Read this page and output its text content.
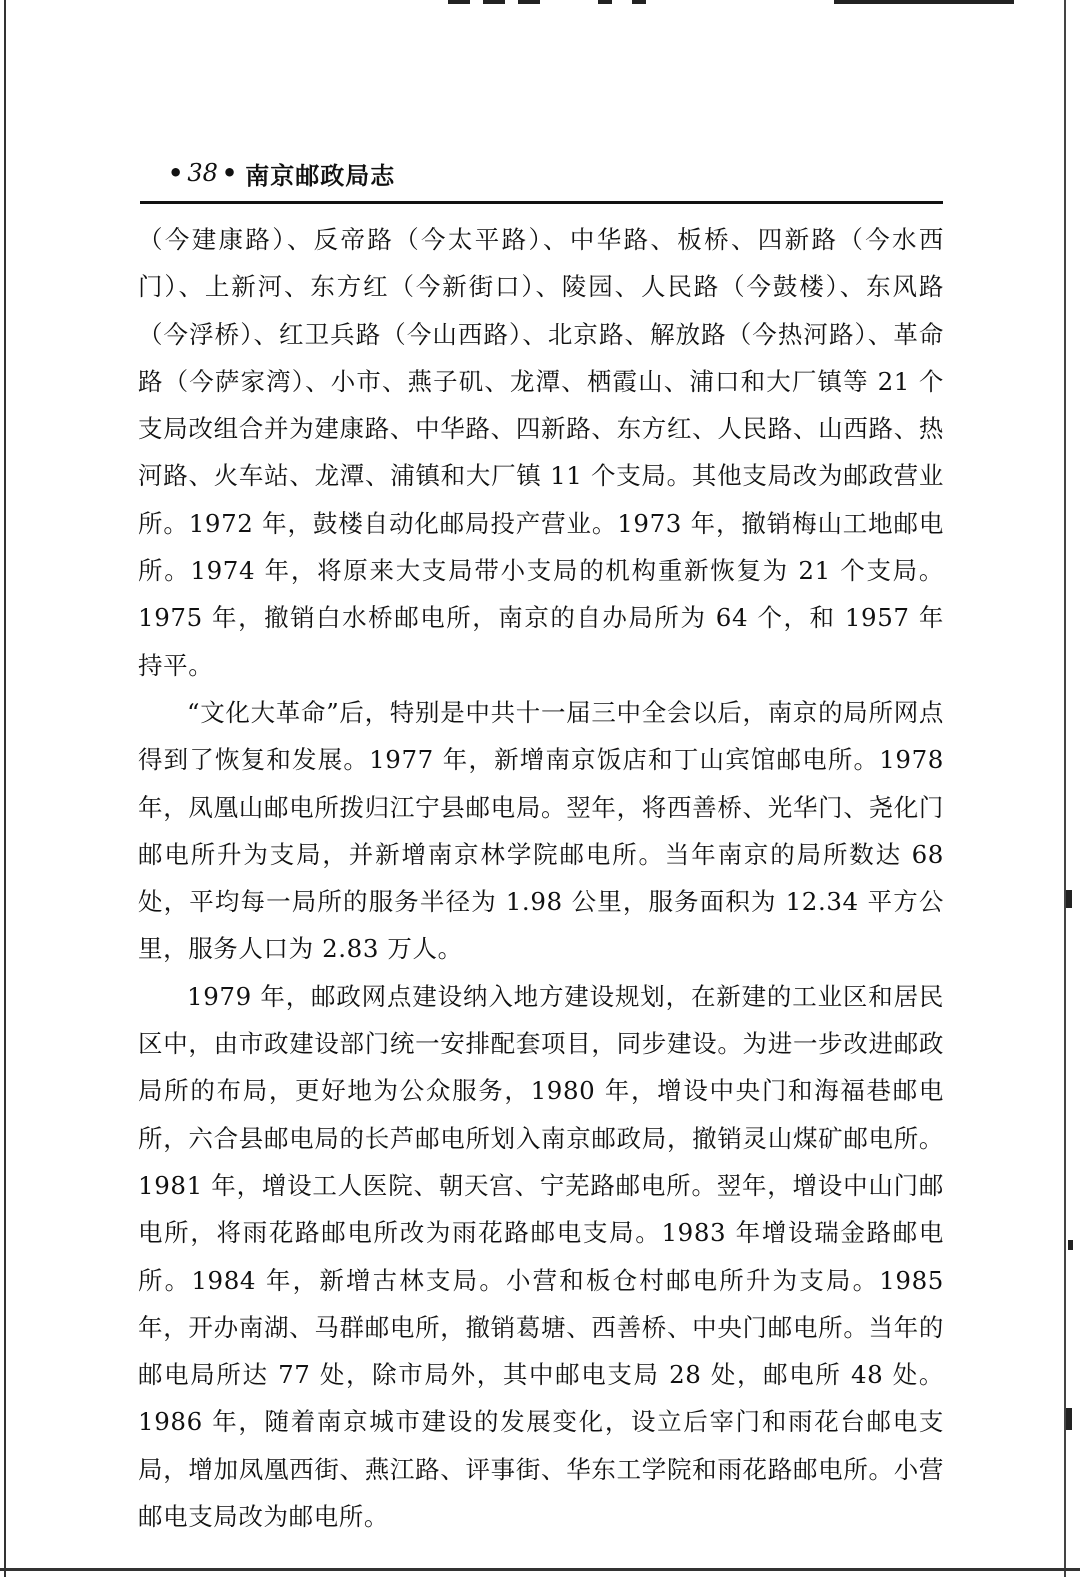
• 38 • 南京邮政局志

（今建康路）、反帝路（今太平路）、中华路、板桥、四新路（今水西门）、上新河、东方红（今新街口）、陵园、人民路（今鼓楼）、东风路（今浮桥）、红卫兵路（今山西路）、北京路、解放路（今热河路）、革命路（今萨家湾）、小市、燕子矶、龙潭、栖霞山、浦口和大厂镇等 21 个支局改组合并为建康路、中华路、四新路、东方红、人民路、山西路、热河路、火车站、龙潭、浦镇和大厂镇 11 个支局。其他支局改为邮政营业所。1972 年，鼓楼自动化邮局投产营业。1973 年，撤销梅山工地邮电所。1974 年，将原来大支局带小支局的机构重新恢复为 21 个支局。1975 年，撤销白水桥邮电所，南京的自办局所为 64 个，和 1957 年持平。

“文化大革命”后，特别是中共十一届三中全会以后，南京的局所网点得到了恢复和发展。1977 年，新增南京饭店和丁山宾馆邮电所。1978 年，凤凰山邮电所拨归江宁县邮电局。翌年，将西善桥、光华门、尧化门邮电所升为支局，并新增南京林学院邮电所。当年南京的局所数达 68 处，平均每一局所的服务半径为 1.98 公里，服务面积为 12.34 平方公里，服务人口为 2.83 万人。

1979 年，邮政网点建设纳入地方建设规划，在新建的工业区和居民区中，由市政建设部门统一安排配套项目，同步建设。为进一步改进邮政局所的布局，更好地为公众服务，1980 年，增设中央门和海福巷邮电所，六合县邮电局的长芦邮电所划入南京邮政局，撤销灵山煤矿邮电所。1981 年，增设工人医院、朝天宫、宁芜路邮电所。翌年，增设中山门邮电所，将雨花路邮电所改为雨花路邮电支局。1983 年增设瑞金路邮电所。1984 年，新增古林支局。小营和板仓村邮电所升为支局。1985 年，开办南湖、马群邮电所，撤销葛塘、西善桥、中央门邮电所。当年的邮电局所达 77 处，除市局外，其中邮电支局 28 处，邮电所 48 处。1986 年，随着南京城市建设的发展变化，设立后宰门和雨花台邮电支局，增加凤凰西街、燕江路、评事街、华东工学院和雨花路邮电所。小营邮电支局改为邮电所。
